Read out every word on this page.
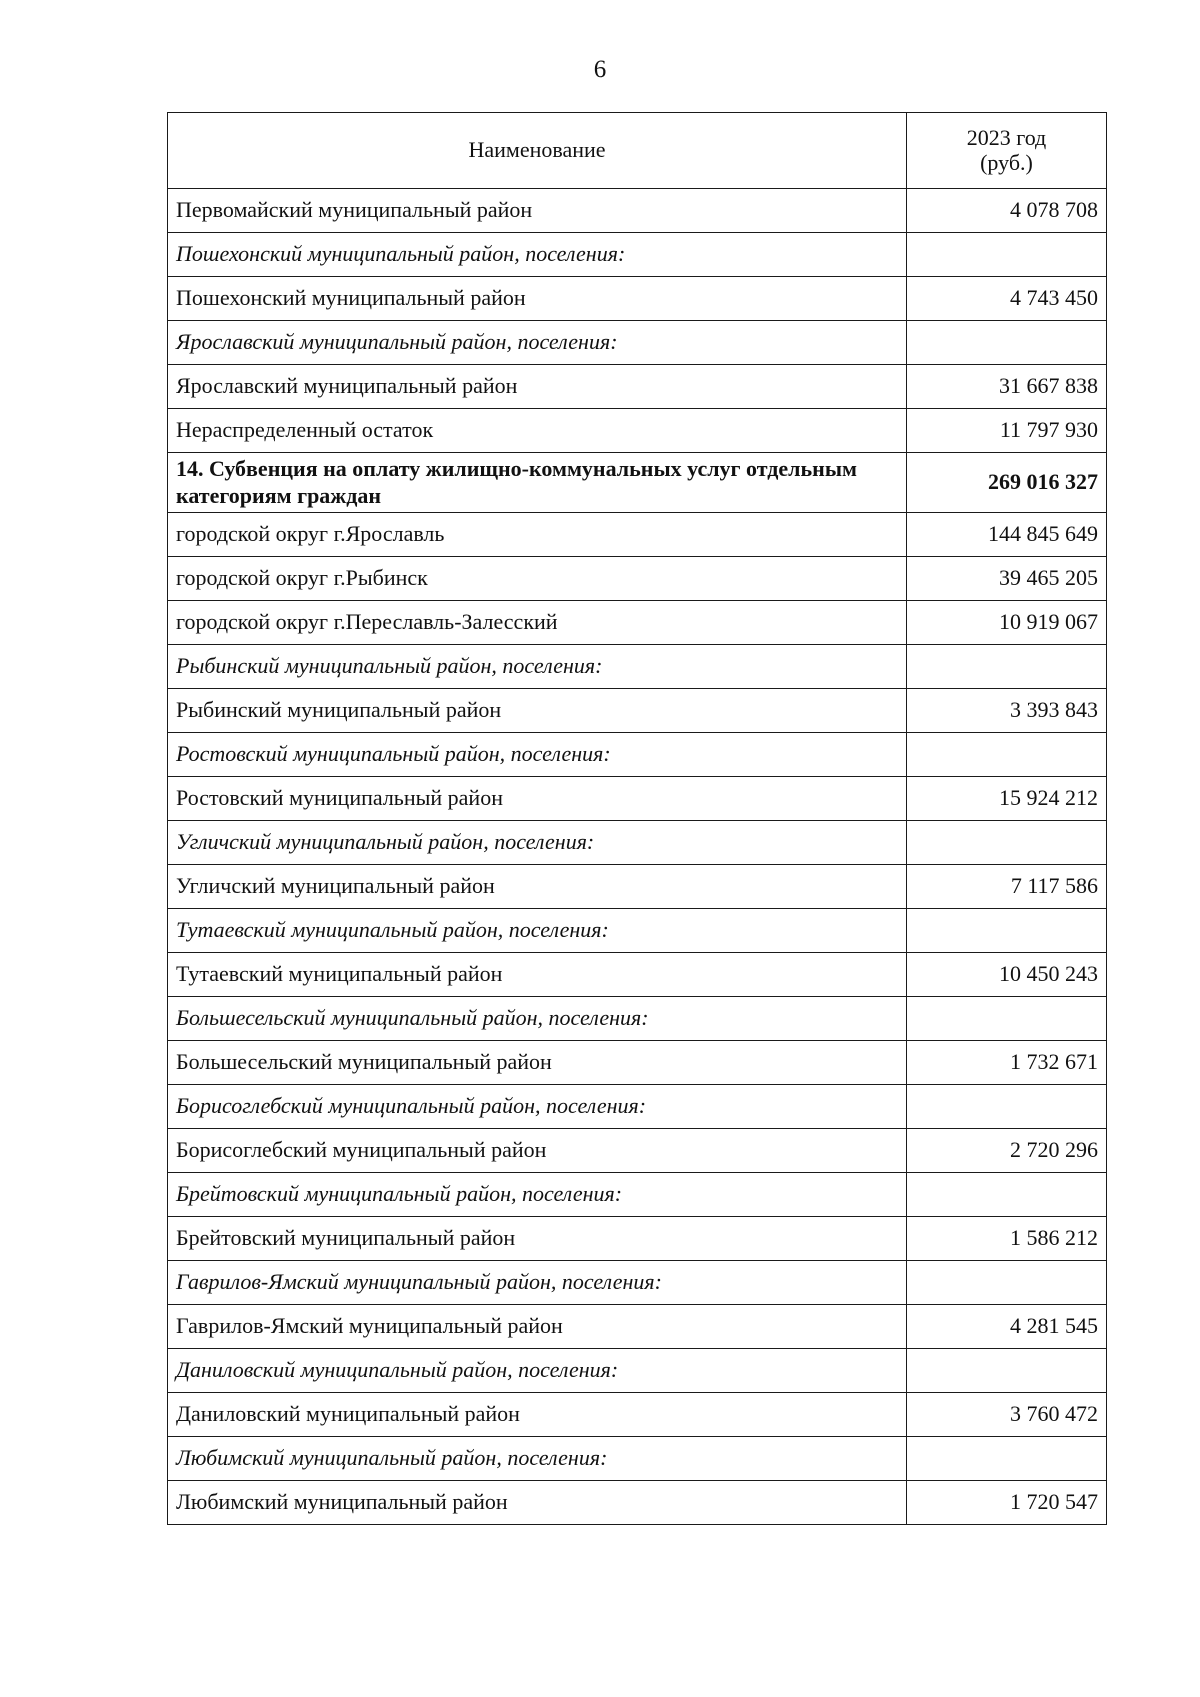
6
Наименование	2023 год
(руб.)

Первомайский муниципальный район	4 078 708
Пошехонский муниципальный район, поселения:	
Пошехонский муниципальный район	4 743 450
Ярославский муниципальный район, поселения:	
Ярославский муниципальный район	31 667 838
Нераспределенный остаток	11 797 930
14. Субвенция на оплату жилищно-коммунальных услуг отдельным категориям граждан	269 016 327
городской округ г.Ярославль	144 845 649
городской округ г.Рыбинск	39 465 205
городской округ г.Переславль-Залесский	10 919 067
Рыбинский муниципальный район, поселения:	
Рыбинский муниципальный район	3 393 843
Ростовский муниципальный район, поселения:	
Ростовский муниципальный район	15 924 212
Угличский муниципальный район, поселения:	
Угличский муниципальный район	7 117 586
Тутаевский муниципальный район, поселения:	
Тутаевский муниципальный район	10 450 243
Большесельский муниципальный район, поселения:	
Большесельский муниципальный район	1 732 671
Борисоглебский муниципальный район, поселения:	
Борисоглебский муниципальный район	2 720 296
Брейтовский муниципальный район, поселения:	
Брейтовский муниципальный район	1 586 212
Гаврилов-Ямский муниципальный район, поселения:	
Гаврилов-Ямский муниципальный район	4 281 545
Даниловский муниципальный район, поселения:	
Даниловский муниципальный район	3 760 472
Любимский муниципальный район, поселения:	
Любимский муниципальный район	1 720 547
